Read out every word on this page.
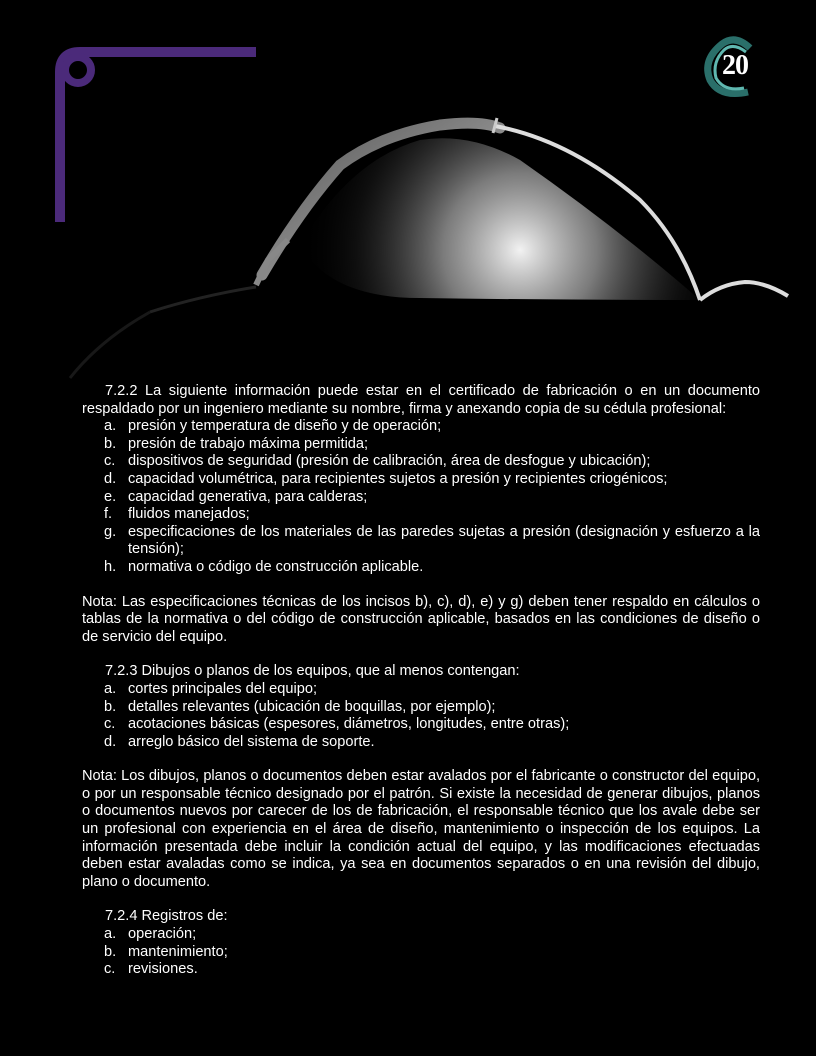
20

7.2.2 La siguiente información puede estar en el certificado de fabricación o en un documento respaldado por un ingeniero mediante su nombre, firma y anexando copia de su cédula profesional:

a. presión y temperatura de diseño y de operación;
b. presión de trabajo máxima permitida;
c. dispositivos de seguridad (presión de calibración, área de desfogue y ubicación);
d. capacidad volumétrica, para recipientes sujetos a presión y recipientes criogénicos;
e. capacidad generativa, para calderas;
f. fluidos manejados;
g. especificaciones de los materiales de las paredes sujetas a presión (designación y esfuerzo a la tensión);
h. normativa o código de construcción aplicable.

Nota: Las especificaciones técnicas de los incisos b), c), d), e) y g) deben tener respaldo en cálculos o tablas de la normativa o del código de construcción aplicable, basados en las condiciones de diseño o de servicio del equipo.

7.2.3 Dibujos o planos de los equipos, que al menos contengan:

a. cortes principales del equipo;
b. detalles relevantes (ubicación de boquillas, por ejemplo);
c. acotaciones básicas (espesores, diámetros, longitudes, entre otras);
d. arreglo básico del sistema de soporte.

Nota: Los dibujos, planos o documentos deben estar avalados por el fabricante o constructor del equipo, o por un responsable técnico designado por el patrón. Si existe la necesidad de generar dibujos, planos o documentos nuevos por carecer de los de fabricación, el responsable técnico que los avale debe ser un profesional con experiencia en el área de diseño, mantenimiento o inspección de los equipos. La información presentada debe incluir la condición actual del equipo, y las modificaciones efectuadas deben estar avaladas como se indica, ya sea en documentos separados o en una revisión del dibujo, plano o documento.

7.2.4 Registros de:

a. operación;
b. mantenimiento;
c. revisiones.
